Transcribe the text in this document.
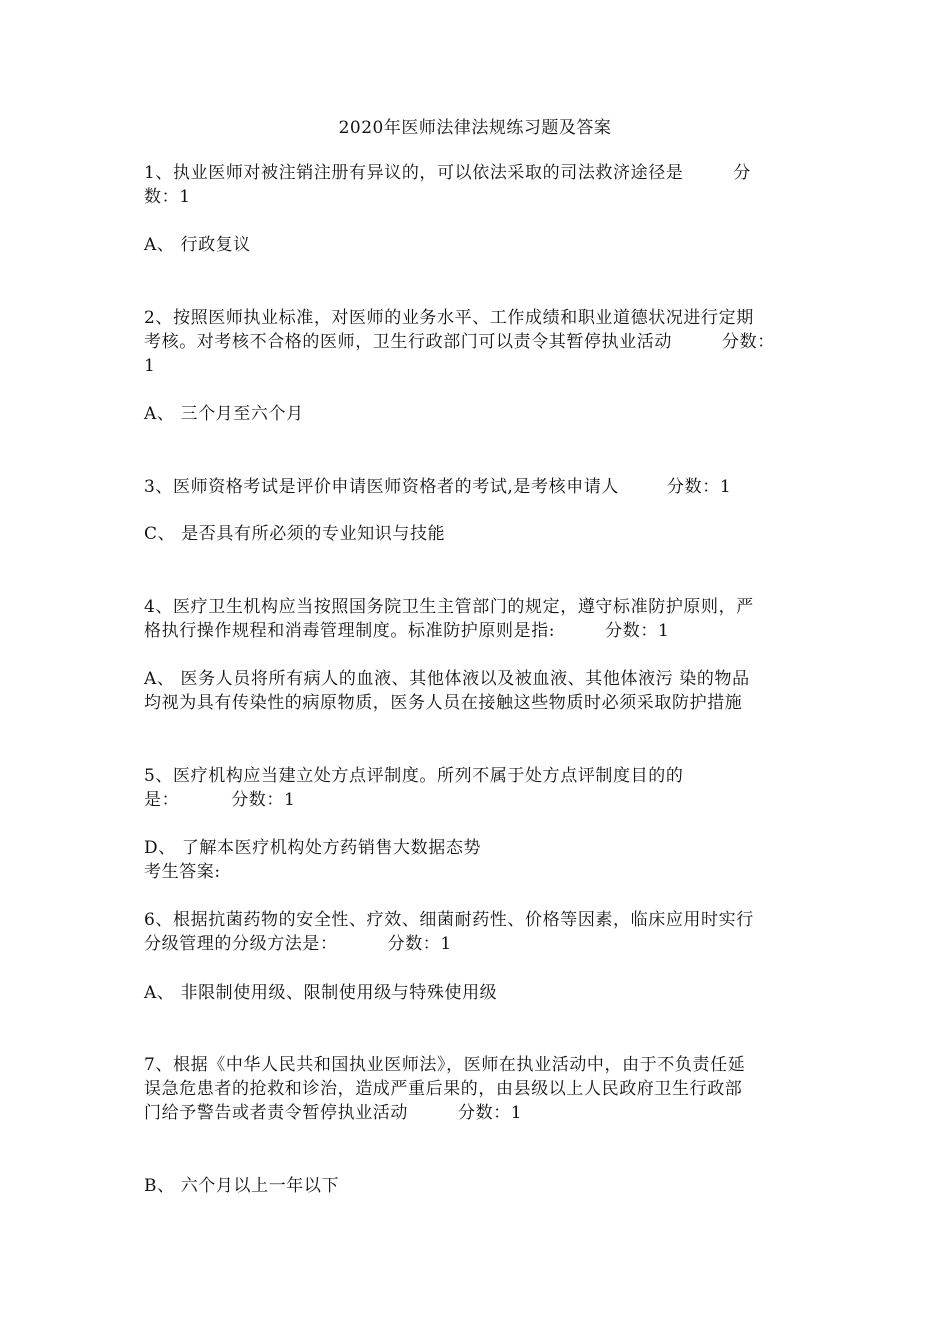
2020年医师法律法规练习题及答案
1、执业医师对被注销注册有异议的，可以依法采取的司法救济途径是	分
数：1
A、 行政复议
2、按照医师执业标准，对医师的业务水平、工作成绩和职业道德状况进行定期
考核。对考核不合格的医师，卫生行政部门可以责令其暂停执业活动	分数：
1
A、 三个月至六个月
3、医师资格考试是评价申请医师资格者的考试,是考核申请人	分数：1
C、 是否具有所必须的专业知识与技能
4、医疗卫生机构应当按照国务院卫生主管部门的规定，遵守标准防护原则，严
格执行操作规程和消毒管理制度。标准防护原则是指:	分数：1
A、 医务人员将所有病人的血液、其他体液以及被血液、其他体液污 染的物品
均视为具有传染性的病原物质，医务人员在接触这些物质时必须采取防护措施
5、医疗机构应当建立处方点评制度。所列不属于处方点评制度目的的
是：	分数：1
D、 了解本医疗机构处方药销售大数据态势
考生答案:
6、根据抗菌药物的安全性、疗效、细菌耐药性、价格等因素，临床应用时实行
分级管理的分级方法是：	分数：1
A、 非限制使用级、限制使用级与特殊使用级
7、根据《中华人民共和国执业医师法》，医师在执业活动中，由于不负责任延
误急危患者的抢救和诊治，造成严重后果的，由县级以上人民政府卫生行政部
门给予警告或者责令暂停执业活动	分数：1
B、 六个月以上一年以下
